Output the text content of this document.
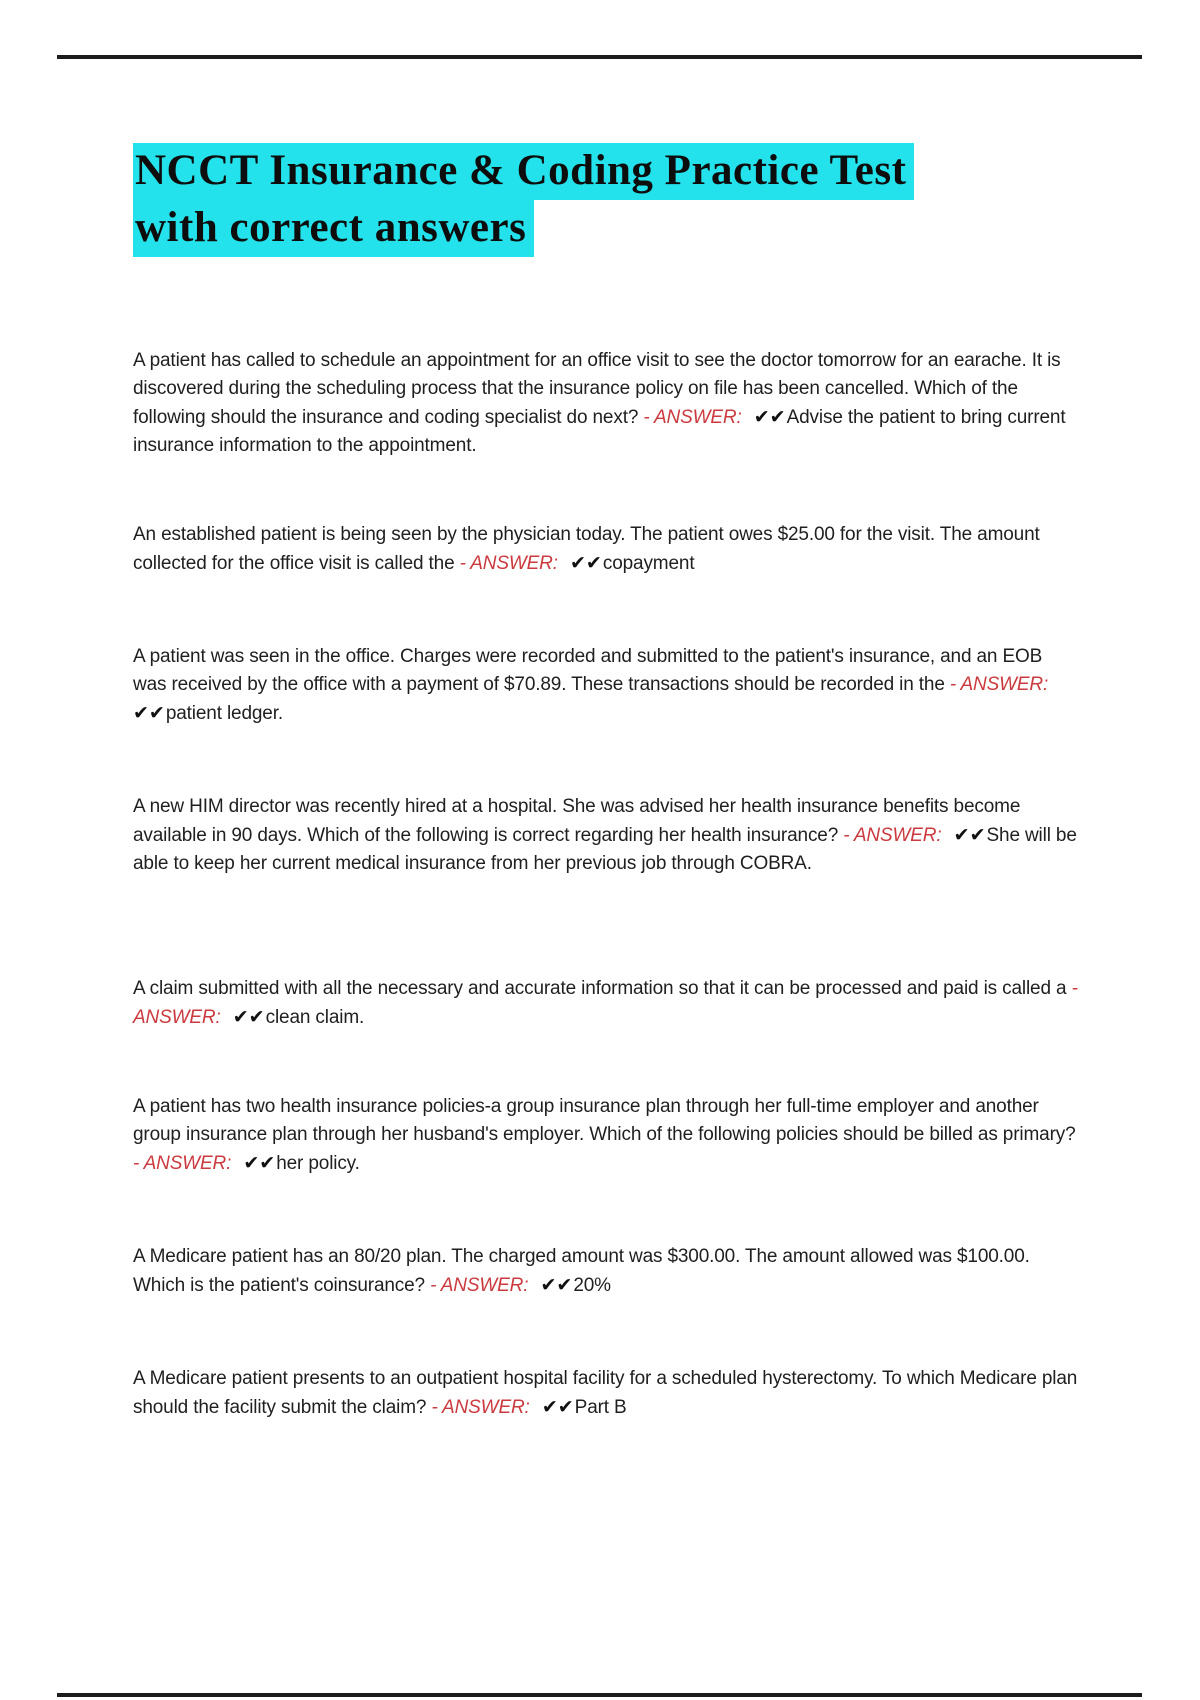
NCCT Insurance & Coding Practice Test
with correct answers

A patient has called to schedule an appointment for an office visit to see the doctor tomorrow for an earache. It is discovered during the scheduling process that the insurance policy on file has been cancelled. Which of the following should the insurance and coding specialist do next? - ANSWER: ✔✔Advise the patient to bring current insurance information to the appointment.

An established patient is being seen by the physician today. The patient owes $25.00 for the visit. The amount collected for the office visit is called the - ANSWER: ✔✔copayment

A patient was seen in the office. Charges were recorded and submitted to the patient's insurance, and an EOB was received by the office with a payment of $70.89. These transactions should be recorded in the - ANSWER: ✔✔patient ledger.

A new HIM director was recently hired at a hospital. She was advised her health insurance benefits become available in 90 days. Which of the following is correct regarding her health insurance? - ANSWER: ✔✔She will be able to keep her current medical insurance from her previous job through COBRA.

A claim submitted with all the necessary and accurate information so that it can be processed and paid is called a - ANSWER: ✔✔clean claim.

A patient has two health insurance policies-a group insurance plan through her full-time employer and another group insurance plan through her husband's employer. Which of the following policies should be billed as primary? - ANSWER: ✔✔her policy.

A Medicare patient has an 80/20 plan. The charged amount was $300.00. The amount allowed was $100.00. Which is the patient's coinsurance? - ANSWER: ✔✔20%

A Medicare patient presents to an outpatient hospital facility for a scheduled hysterectomy. To which Medicare plan should the facility submit the claim? - ANSWER: ✔✔Part B
